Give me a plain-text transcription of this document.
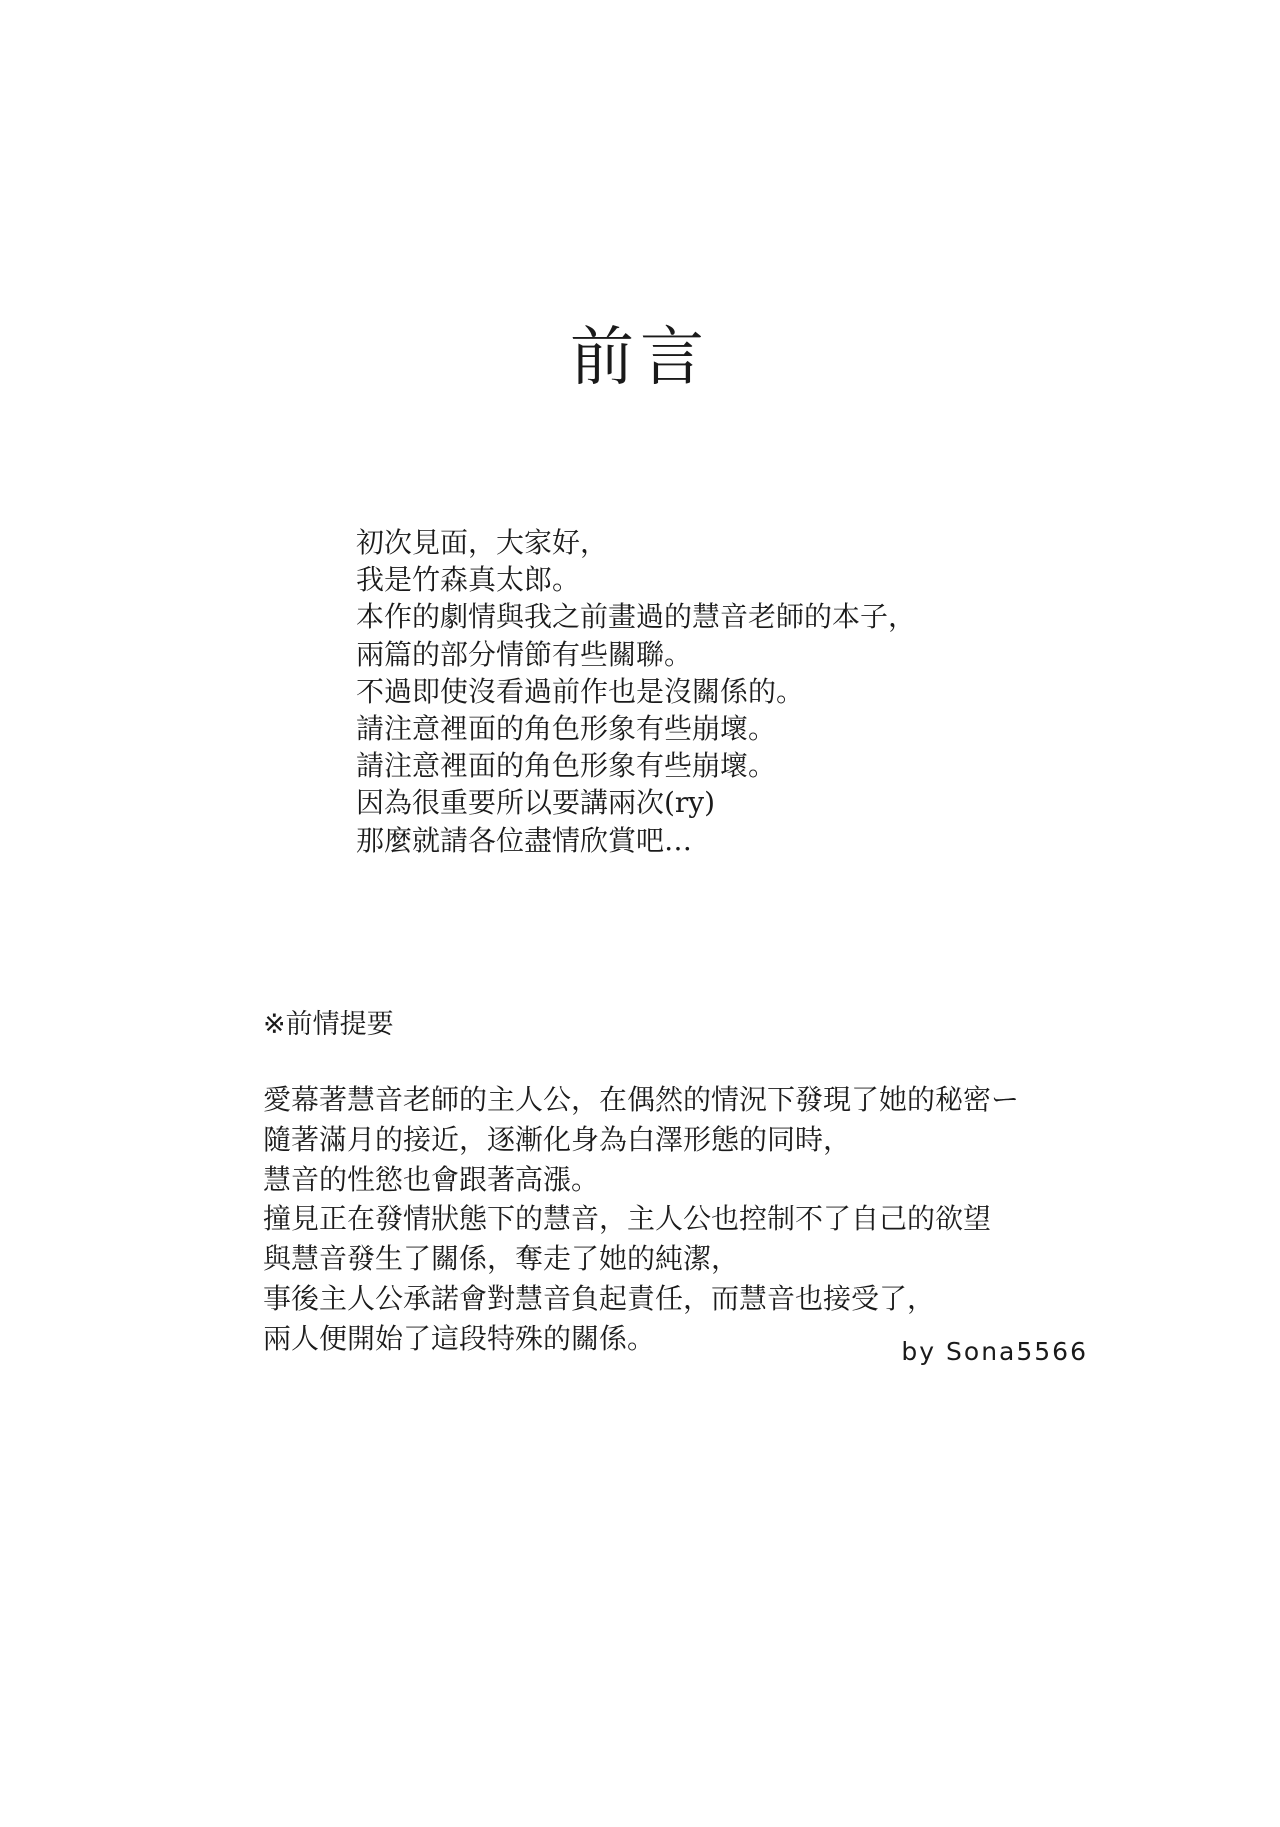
前言
初次見面，大家好，
我是竹森真太郎。
本作的劇情與我之前畫過的慧音老師的本子，
兩篇的部分情節有些關聯。
不過即使沒看過前作也是沒關係的。
請注意裡面的角色形象有些崩壞。
請注意裡面的角色形象有些崩壞。
因為很重要所以要講兩次(ry)
那麼就請各位盡情欣賞吧…
※前情提要
愛幕著慧音老師的主人公，在偶然的情況下發現了她的秘密ー
隨著滿月的接近，逐漸化身為白澤形態的同時，
慧音的性慾也會跟著高漲。
撞見正在發情狀態下的慧音，主人公也控制不了自己的欲望
與慧音發生了關係，奪走了她的純潔，
事後主人公承諾會對慧音負起責任，而慧音也接受了，
兩人便開始了這段特殊的關係。	by Sona5566
